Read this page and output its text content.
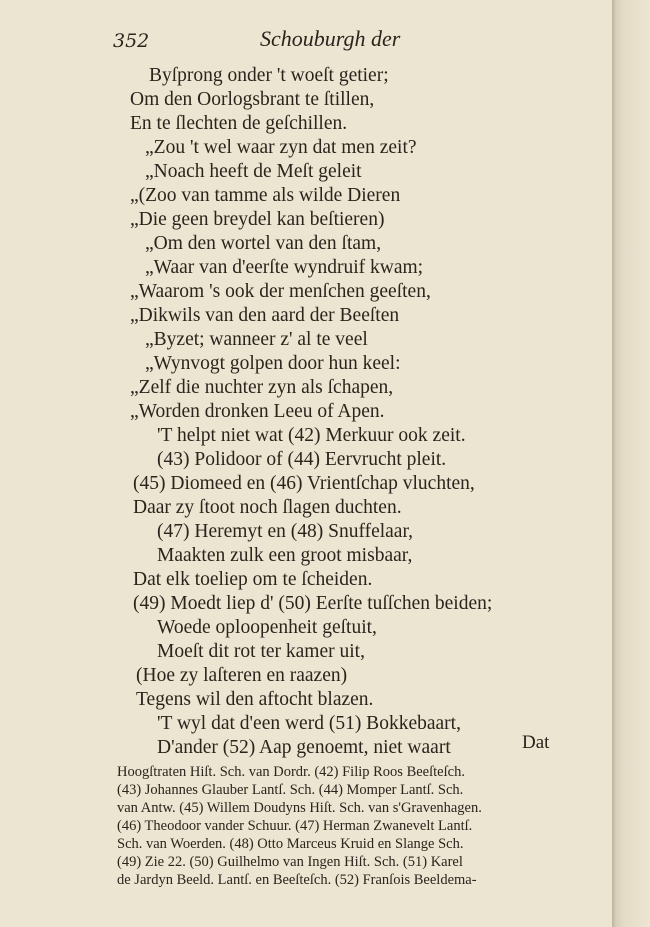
352	Schouburgh der
Byſprong onder 't woeſt getier;
Om den Oorlogsbrant te ſtillen,
En te ſlechten de geſchillen.
„Zou 't wel waar zyn dat men zeit?
„Noach heeft de Meſt geleit
„(Zoo van tamme als wilde Dieren
„Die geen breydel kan beſtieren)
„Om den wortel van den ſtam,
„Waar van d'eerſte wyndruif kwam;
„Waarom 's ook der menſchen geeſten,
„Dikwils van den aard der Beeſten
„Byzet; wanneer z' al te veel
„Wynvogt golpen door hun keel:
„Zelf die nuchter zyn als ſchapen,
„Worden dronken Leeu of Apen.
'T helpt niet wat (42) Merkuur ook zeit.
(43) Polidoor of (44) Eervrucht pleit.
(45) Diomeed en (46) Vrientſchap vluchten,
Daar zy ſtoot noch ſlagen duchten.
(47) Heremyt en (48) Snuffelaar,
Maakten zulk een groot misbaar,
Dat elk toeliep om te ſcheiden.
(49) Moedt liep d' (50) Eerſte tuſſchen beiden;
Woede oploopenheit geſtuit,
Moeſt dit rot ter kamer uit,
(Hoe zy laſteren en raazen)
Tegens wil den aftocht blazen.
'T wyl dat d'een werd (51) Bokkebaart,
D'ander (52) Aap genoemt, niet waart	Dat
Hoogſtraten Hiſt. Sch. van Dordr. (42) Filip Roos Beeſteſch.
(43) Johannes Glauber Lantſ. Sch. (44) Momper Lantſ. Sch.
van Antw. (45) Willem Doudyns Hiſt. Sch. van s'Gravenhagen.
(46) Theodoor vander Schuur. (47) Herman Zwanevelt Lantſ.
Sch. van Woerden. (48) Otto Marceus Kruid en Slange Sch.
(49) Zie 22. (50) Guilhelmo van Ingen Hiſt. Sch. (51) Karel
de Jardyn Beeld. Lantſ. en Beeſteſch. (52) Franſois Beeldema-
